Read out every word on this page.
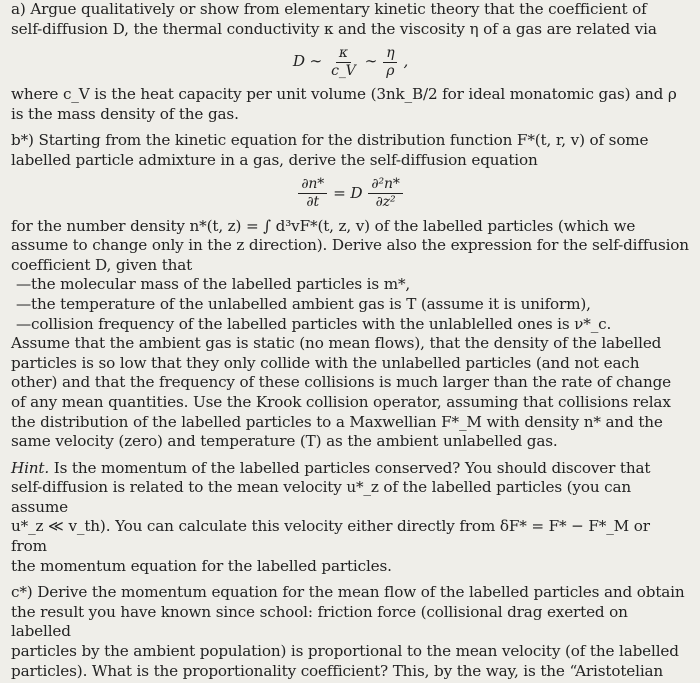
a) Argue qualitatively or show from elementary kinetic theory that the coefficient of

self-diffusion D, the thermal conductivity κ and the viscosity η of a gas are related via

D ∼ $\frac{\kappa}{c\_V}$ ∼ $\frac{\eta}{\rho}$ ,

where c_V is the heat capacity per unit volume (3nk_B/2 for ideal monatomic gas) and ρ

is the mass density of the gas.

b*) Starting from the kinetic equation for the distribution function F*(t, r, v) of some

labelled particle admixture in a gas, derive the self-diffusion equation

$\frac{\partial n*}{\partial t} = D \frac{\text{∂²n*}}{\text{∂z²}}$

for the number density n*(t, z) = ∫ d³vF*(t, z, v) of the labelled particles (which we

assume to change only in the z direction). Derive also the expression for the self-diffusion

coefficient D, given that

—the molecular mass of the labelled particles is m*,

—the temperature of the unlabelled ambient gas is T (assume it is uniform),

—collision frequency of the labelled particles with the unlablelled ones is ν*_c.

Assume that the ambient gas is static (no mean flows), that the density of the labelled

particles is so low that they only collide with the unlabelled particles (and not each

other) and that the frequency of these collisions is much larger than the rate of change

of any mean quantities. Use the Krook collision operator, assuming that collisions relax

the distribution of the labelled particles to a Maxwellian F*_M with density n* and the

same velocity (zero) and temperature (T) as the ambient unlabelled gas.

Hint. Is the momentum of the labelled particles conserved? You should discover that

self-diffusion is related to the mean velocity u*_z of the labelled particles (you can assume

u*_z ≪ v_th). You can calculate this velocity either directly from δF* = F* − F*_M or from

the momentum equation for the labelled particles.

c*) Derive the momentum equation for the mean flow of the labelled particles and obtain

the result you have known since school: friction force (collisional drag exerted on labelled

particles by the ambient population) is proportional to the mean velocity (of the labelled

particles). What is the proportionality coefficient? This, by the way, is the “Aristotelian
